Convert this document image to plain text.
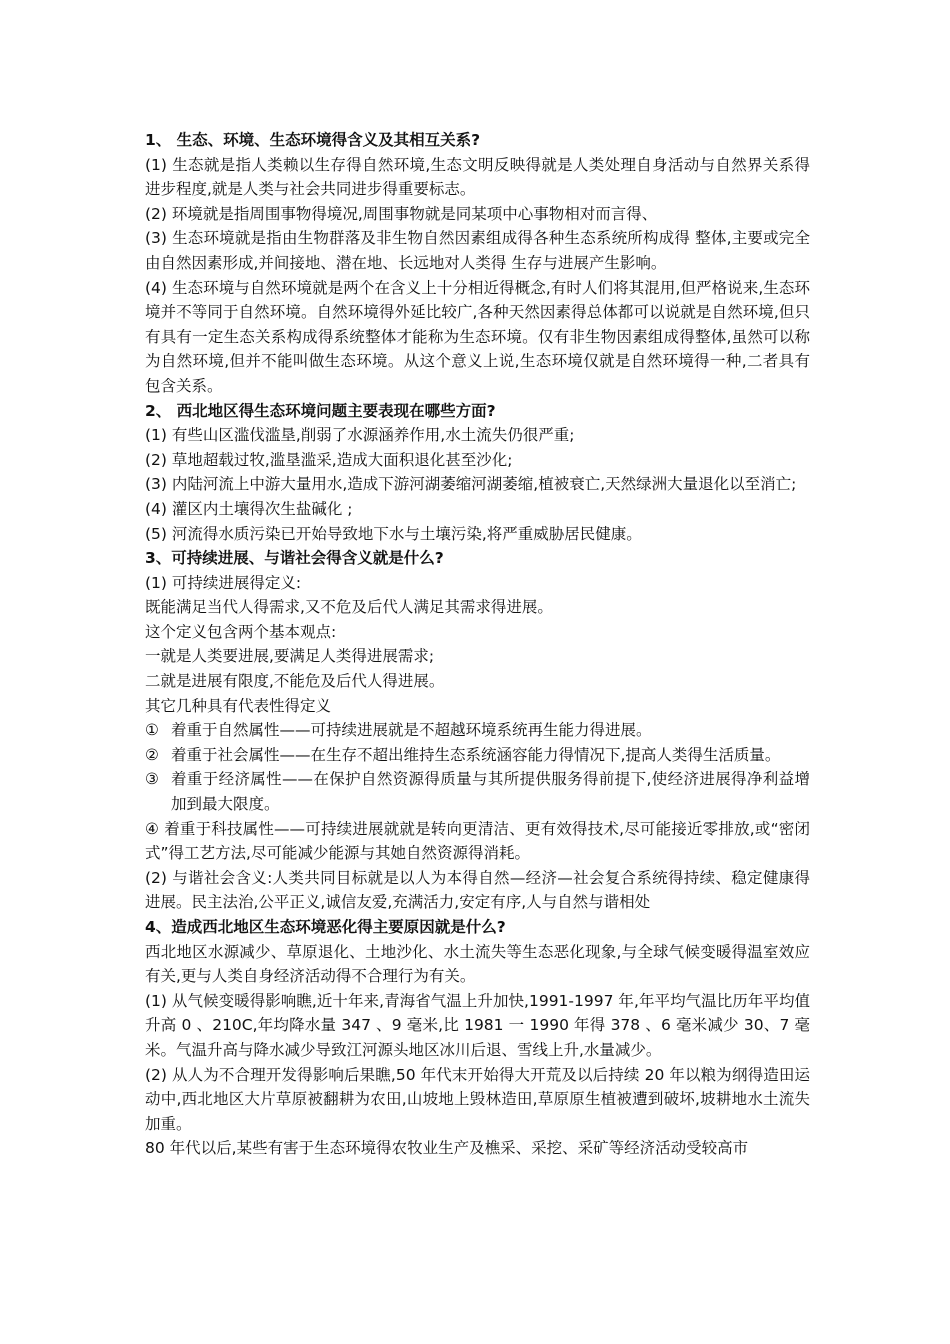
1、 生态、环境、生态环境得含义及其相互关系?

(1) 生态就是指人类赖以生存得自然环境,生态文明反映得就是人类处理自身活动与自然界关系得进步程度,就是人类与社会共同进步得重要标志。

(2) 环境就是指周围事物得境况,周围事物就是同某项中心事物相对而言得、

(3) 生态环境就是指由生物群落及非生物自然因素组成得各种生态系统所构成得 整体,主要或完全由自然因素形成,并间接地、潜在地、长远地对人类得 生存与进展产生影响。

(4) 生态环境与自然环境就是两个在含义上十分相近得概念,有时人们将其混用,但严格说来,生态环境并不等同于自然环境。自然环境得外延比较广,各种天然因素得总体都可以说就是自然环境,但只有具有一定生态关系构成得系统整体才能称为生态环境。仅有非生物因素组成得整体,虽然可以称为自然环境,但并不能叫做生态环境。从这个意义上说,生态环境仅就是自然环境得一种,二者具有包含关系。

2、 西北地区得生态环境问题主要表现在哪些方面?

(1) 有些山区滥伐滥垦,削弱了水源涵养作用,水土流失仍很严重;

(2) 草地超载过牧,滥垦滥采,造成大面积退化甚至沙化;

(3) 内陆河流上中游大量用水,造成下游河湖萎缩河湖萎缩,植被衰亡,天然绿洲大量退化以至消亡;

(4) 灌区内土壤得次生盐碱化 ;

(5) 河流得水质污染已开始导致地下水与土壤污染,将严重威胁居民健康。

3、可持续进展、与谐社会得含义就是什么?

(1) 可持续进展得定义:

既能满足当代人得需求,又不危及后代人满足其需求得进展。

这个定义包含两个基本观点:

一就是人类要进展,要满足人类得进展需求;

二就是进展有限度,不能危及后代人得进展。

其它几种具有代表性得定义

① 着重于自然属性——可持续进展就是不超越环境系统再生能力得进展。
② 着重于社会属性——在生存不超出维持生态系统涵容能力得情况下,提高人类得生活质量。
③ 着重于经济属性——在保护自然资源得质量与其所提供服务得前提下,使经济进展得净利益增加到最大限度。

④ 着重于科技属性——可持续进展就就是转向更清洁、更有效得技术,尽可能接近零排放,或“密闭式”得工艺方法,尽可能减少能源与其她自然资源得消耗。

(2) 与谐社会含义:人类共同目标就是以人为本得自然—经济—社会复合系统得持续、稳定健康得进展。民主法治,公平正义,诚信友爱,充满活力,安定有序,人与自然与谐相处

4、造成西北地区生态环境恶化得主要原因就是什么?

西北地区水源减少、草原退化、土地沙化、水土流失等生态恶化现象,与全球气候变暖得温室效应有关,更与人类自身经济活动得不合理行为有关。

(1) 从气候变暖得影响瞧,近十年来,青海省气温上升加快,1991-1997 年,年平均气温比历年平均值升高 0 、210C,年均降水量 347 、9 毫米,比 1981 一 1990 年得 378 、6 毫米减少 30、7 毫米。气温升高与降水减少导致江河源头地区冰川后退、雪线上升,水量减少。

(2) 从人为不合理开发得影响后果瞧,50 年代末开始得大开荒及以后持续 20 年以粮为纲得造田运动中,西北地区大片草原被翻耕为农田,山坡地上毁林造田,草原原生植被遭到破坏,坡耕地水土流失加重。

80 年代以后,某些有害于生态环境得农牧业生产及樵采、采挖、采矿等经济活动受较高市
